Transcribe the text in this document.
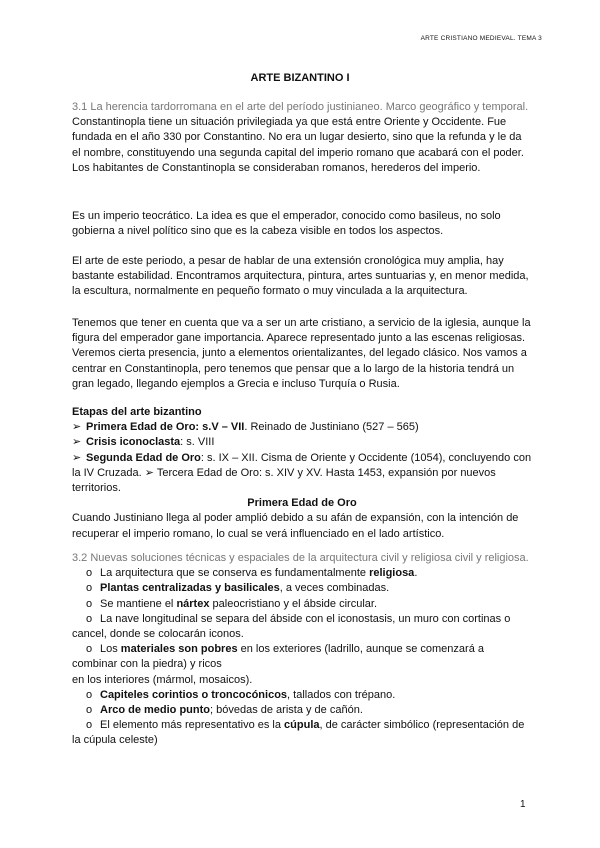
ARTE CRISTIANO MEDIEVAL. TEMA 3
ARTE BIZANTINO I

3.1 La herencia tardorromana en el arte del período justinianeo. Marco geográfico y temporal.

Constantinopla tiene un situación privilegiada ya que está entre Oriente y Occidente. Fue fundada en el año 330 por Constantino. No era un lugar desierto, sino que la refunda y le da el nombre, constituyendo una segunda capital del imperio romano que acabará con el poder. Los habitantes de Constantinopla se consideraban romanos, herederos del imperio.

Es un imperio teocrático. La idea es que el emperador, conocido como basileus, no solo gobierna a nivel político sino que es la cabeza visible en todos los aspectos.

El arte de este periodo, a pesar de hablar de una extensión cronológica muy amplia, hay bastante estabilidad. Encontramos arquitectura, pintura, artes suntuarias y, en menor medida, la escultura, normalmente en pequeño formato o muy vinculada a la arquitectura.

Tenemos que tener en cuenta que va a ser un arte cristiano, a servicio de la iglesia, aunque la figura del emperador gane importancia. Aparece representado junto a las escenas religiosas. Veremos cierta presencia, junto a elementos orientalizantes, del legado clásico. Nos vamos a centrar en Constantinopla, pero tenemos que pensar que a lo largo de la historia tendrá un gran legado, llegando ejemplos a Grecia e incluso Turquía o Rusia.

Etapas del arte bizantino

➢ Primera Edad de Oro: s.V – VII. Reinado de Justiniano (527 – 565)

➢ Crisis iconoclasta: s. VIII

➢ Segunda Edad de Oro: s. IX – XII. Cisma de Oriente y Occidente (1054), concluyendo con la IV Cruzada. ➢ Tercera Edad de Oro: s. XIV y XV. Hasta 1453, expansión por nuevos territorios.

Primera Edad de Oro

Cuando Justiniano llega al poder amplió debido a su afán de expansión, con la intención de recuperar el imperio romano, lo cual se verá influenciado en el lado artístico.

3.2 Nuevas soluciones técnicas y espaciales de la arquitectura civil y religiosa civil y religiosa.

o La arquitectura que se conserva es fundamentalmente religiosa.

o Plantas centralizadas y basilicales, a veces combinadas.

o Se mantiene el nártex paleocristiano y el ábside circular.

o La nave longitudinal se separa del ábside con el iconostasis, un muro con cortinas o cancel, donde se colocarán iconos.

o Los materiales son pobres en los exteriores (ladrillo, aunque se comenzará a combinar con la piedra) y ricos

en los interiores (mármol, mosaicos).

o Capiteles corintios o troncocónicos, tallados con trépano.

o Arco de medio punto; bóvedas de arista y de cañón.

o El elemento más representativo es la cúpula, de carácter simbólico (representación de la cúpula celeste)

1
